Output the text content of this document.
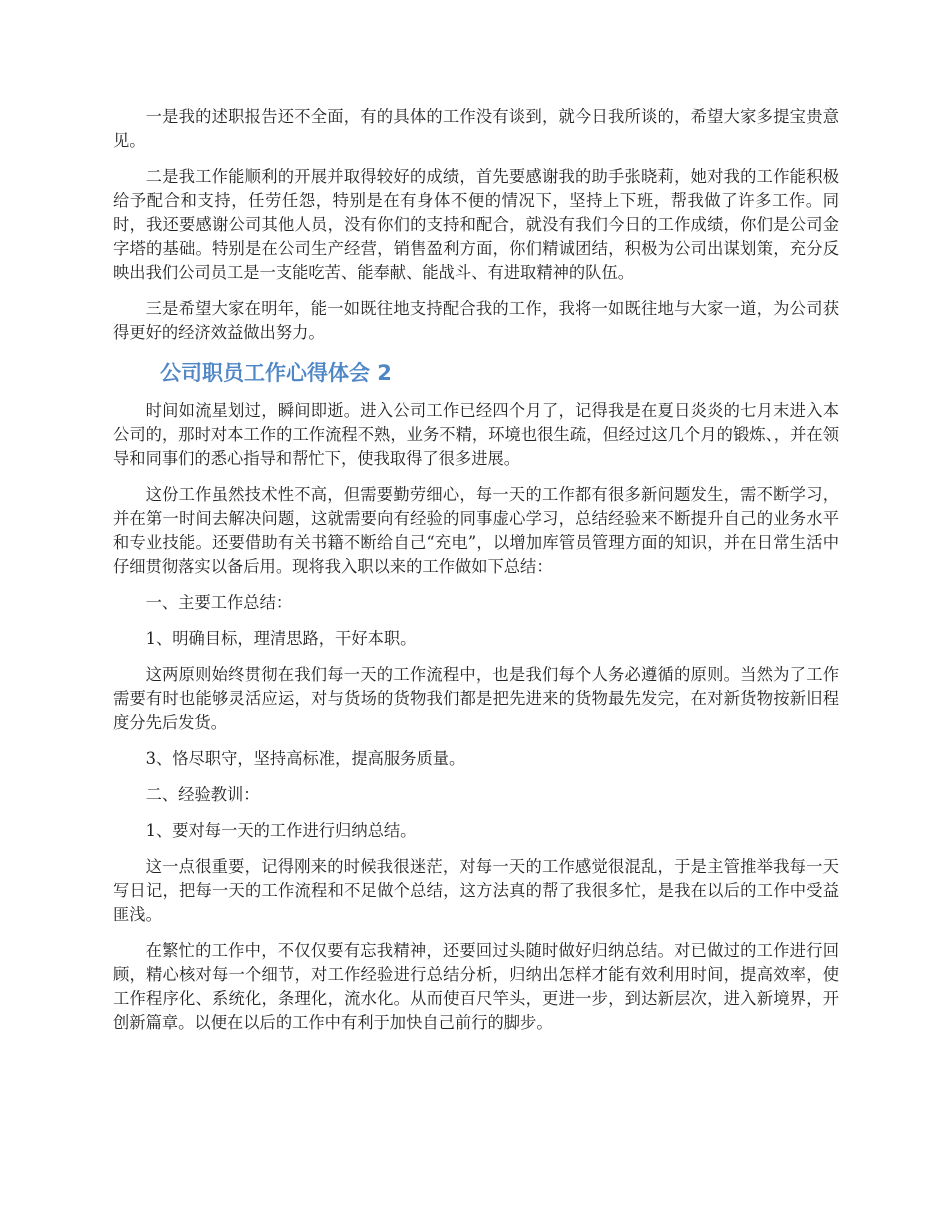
一是我的述职报告还不全面，有的具体的工作没有谈到，就今日我所谈的，希望大家多提宝贵意见。

二是我工作能顺利的开展并取得较好的成绩，首先要感谢我的助手张晓莉，她对我的工作能积极给予配合和支持，任劳任怨，特别是在有身体不便的情况下，坚持上下班，帮我做了许多工作。同时，我还要感谢公司其他人员，没有你们的支持和配合，就没有我们今日的工作成绩，你们是公司金字塔的基础。特别是在公司生产经营，销售盈利方面，你们精诚团结，积极为公司出谋划策，充分反映出我们公司员工是一支能吃苦、能奉献、能战斗、有进取精神的队伍。

三是希望大家在明年，能一如既往地支持配合我的工作，我将一如既往地与大家一道，为公司获得更好的经济效益做出努力。

公司职员工作心得体会 2

时间如流星划过，瞬间即逝。进入公司工作已经四个月了，记得我是在夏日炎炎的七月末进入本公司的，那时对本工作的工作流程不熟，业务不精，环境也很生疏，但经过这几个月的锻炼、，并在领导和同事们的悉心指导和帮忙下，使我取得了很多进展。

这份工作虽然技术性不高，但需要勤劳细心，每一天的工作都有很多新问题发生，需不断学习，并在第一时间去解决问题，这就需要向有经验的同事虚心学习，总结经验来不断提升自己的业务水平和专业技能。还要借助有关书籍不断给自己“充电”，以增加库管员管理方面的知识，并在日常生活中仔细贯彻落实以备后用。现将我入职以来的工作做如下总结：

一、主要工作总结：

1、明确目标，理清思路，干好本职。

这两原则始终贯彻在我们每一天的工作流程中，也是我们每个人务必遵循的原则。当然为了工作需要有时也能够灵活应运，对与货场的货物我们都是把先进来的货物最先发完，在对新货物按新旧程度分先后发货。

3、恪尽职守，坚持高标准，提高服务质量。

二、经验教训：

1、要对每一天的工作进行归纳总结。

这一点很重要，记得刚来的时候我很迷茫，对每一天的工作感觉很混乱，于是主管推举我每一天写日记，把每一天的工作流程和不足做个总结，这方法真的帮了我很多忙，是我在以后的工作中受益匪浅。

在繁忙的工作中，不仅仅要有忘我精神，还要回过头随时做好归纳总结。对已做过的工作进行回顾，精心核对每一个细节，对工作经验进行总结分析，归纳出怎样才能有效利用时间，提高效率，使工作程序化、系统化，条理化，流水化。从而使百尺竿头，更进一步，到达新层次，进入新境界，开创新篇章。以便在以后的工作中有利于加快自己前行的脚步。
